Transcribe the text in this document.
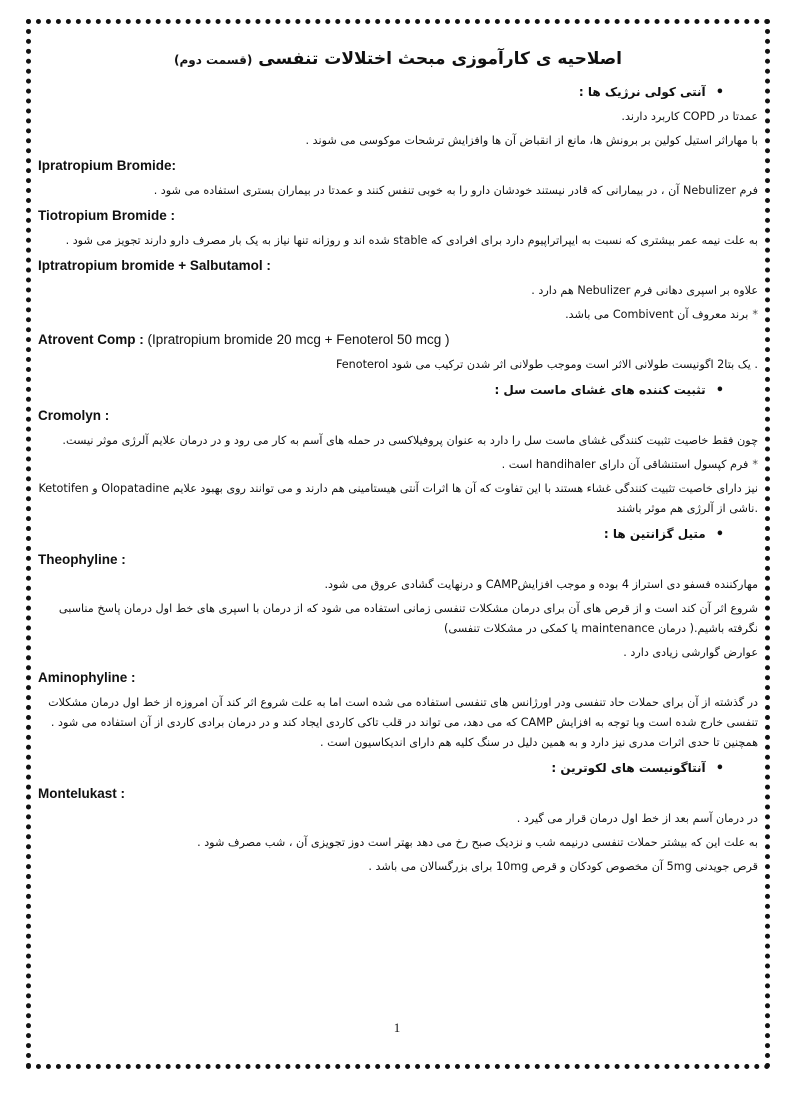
اصلاحیه ی کارآموزی مبحث اختلالات تنفسی (قسمت دوم)
•آنتی کولی نرژیک ها :
عمدتا در COPD کاربرد دارند.
با مهاراثر استیل کولین بر برونش ها، مانع از انقباض آن ها وافزایش ترشحات موکوسی می شوند .
Ipratropium Bromide:
فرم Nebulizer آن ، در بیمارانی که قادر نیستند خودشان دارو را به خوبی تنفس کنند و عمدتا در بیماران بستری استفاده می شود .
Tiotropium Bromide :
به علت نیمه عمر بیشتری که نسبت به ایپراتراپیوم دارد برای افرادی که stable شده اند و روزانه تنها نیاز به یک بار مصرف دارو دارند تجویز می شود .
Iptratropium bromide + Salbutamol :
علاوه بر اسپری دهانی فرم Nebulizer هم دارد .
*برند معروف آن Combivent می باشد.
Atrovent Comp : (Ipratropium bromide 20 mcg + Fenoterol 50 mcg )
Fenoterol یک بتا2 اگونیست طولانی الاثر است وموجب طولانی اثر شدن ترکیب می شود .
•تثبیت کننده های غشای ماست سل :
Cromolyn :
چون فقط خاصیت تثبیت کنندگی غشای ماست سل را دارد به عنوان پروفیلاکسی در حمله های آسم به کار می رود و در درمان علایم آلرژی موثر نیست.
*فرم کپسول استنشاقی آن دارای handihaler است .
Ketotifen و Olopatadine نیز دارای خاصیت تثبیت کنندگی غشاء هستند با این تفاوت که آن ها اثرات آنتی هیستامینی هم دارند و می توانند روی بهبود علایم ناشی از آلرژی هم موثر باشند.
•متیل گزانتین ها :
Theophyline :
مهارکننده فسفو دی استراز 4 بوده و موجب افزایشCAMP و درنهایت گشادی عروق می شود.
شروع اثر آن کند است و از قرص های آن برای درمان مشکلات تنفسی زمانی استفاده می شود که از درمان با اسپری های خط اول درمان پاسخ مناسبی نگرفته باشیم.( درمان maintenance یا کمکی در مشکلات تنفسی)
عوارض گوارشی زیادی دارد .
Aminophyline :
در گذشته از آن برای حملات حاد تنفسی ودر اورژانس های تنفسی استفاده می شده است اما به علت شروع اثر کند آن امروزه از خط اول درمان مشکلات تنفسی خارج شده است وبا توجه به افزایش CAMP که می دهد، می تواند در قلب تاکی کاردی ایجاد کند و در درمان برادی کاردی از آن استفاده می شود . همچنین تا حدی اثرات مدری نیز دارد و به همین دلیل در سنگ کلیه هم دارای اندیکاسیون است .
•آنتاگونیست های لکوترین :
Montelukast :
در درمان آسم بعد از خط اول درمان قرار می گیرد .
به علت این که بیشتر حملات تنفسی درنیمه شب و نزدیک صبح رخ می دهد بهتر است دوز تجویزی آن ، شب مصرف شود .
قرص جویدنی 5mg آن مخصوص کودکان و قرص 10mg برای بزرگسالان می باشد .
1
